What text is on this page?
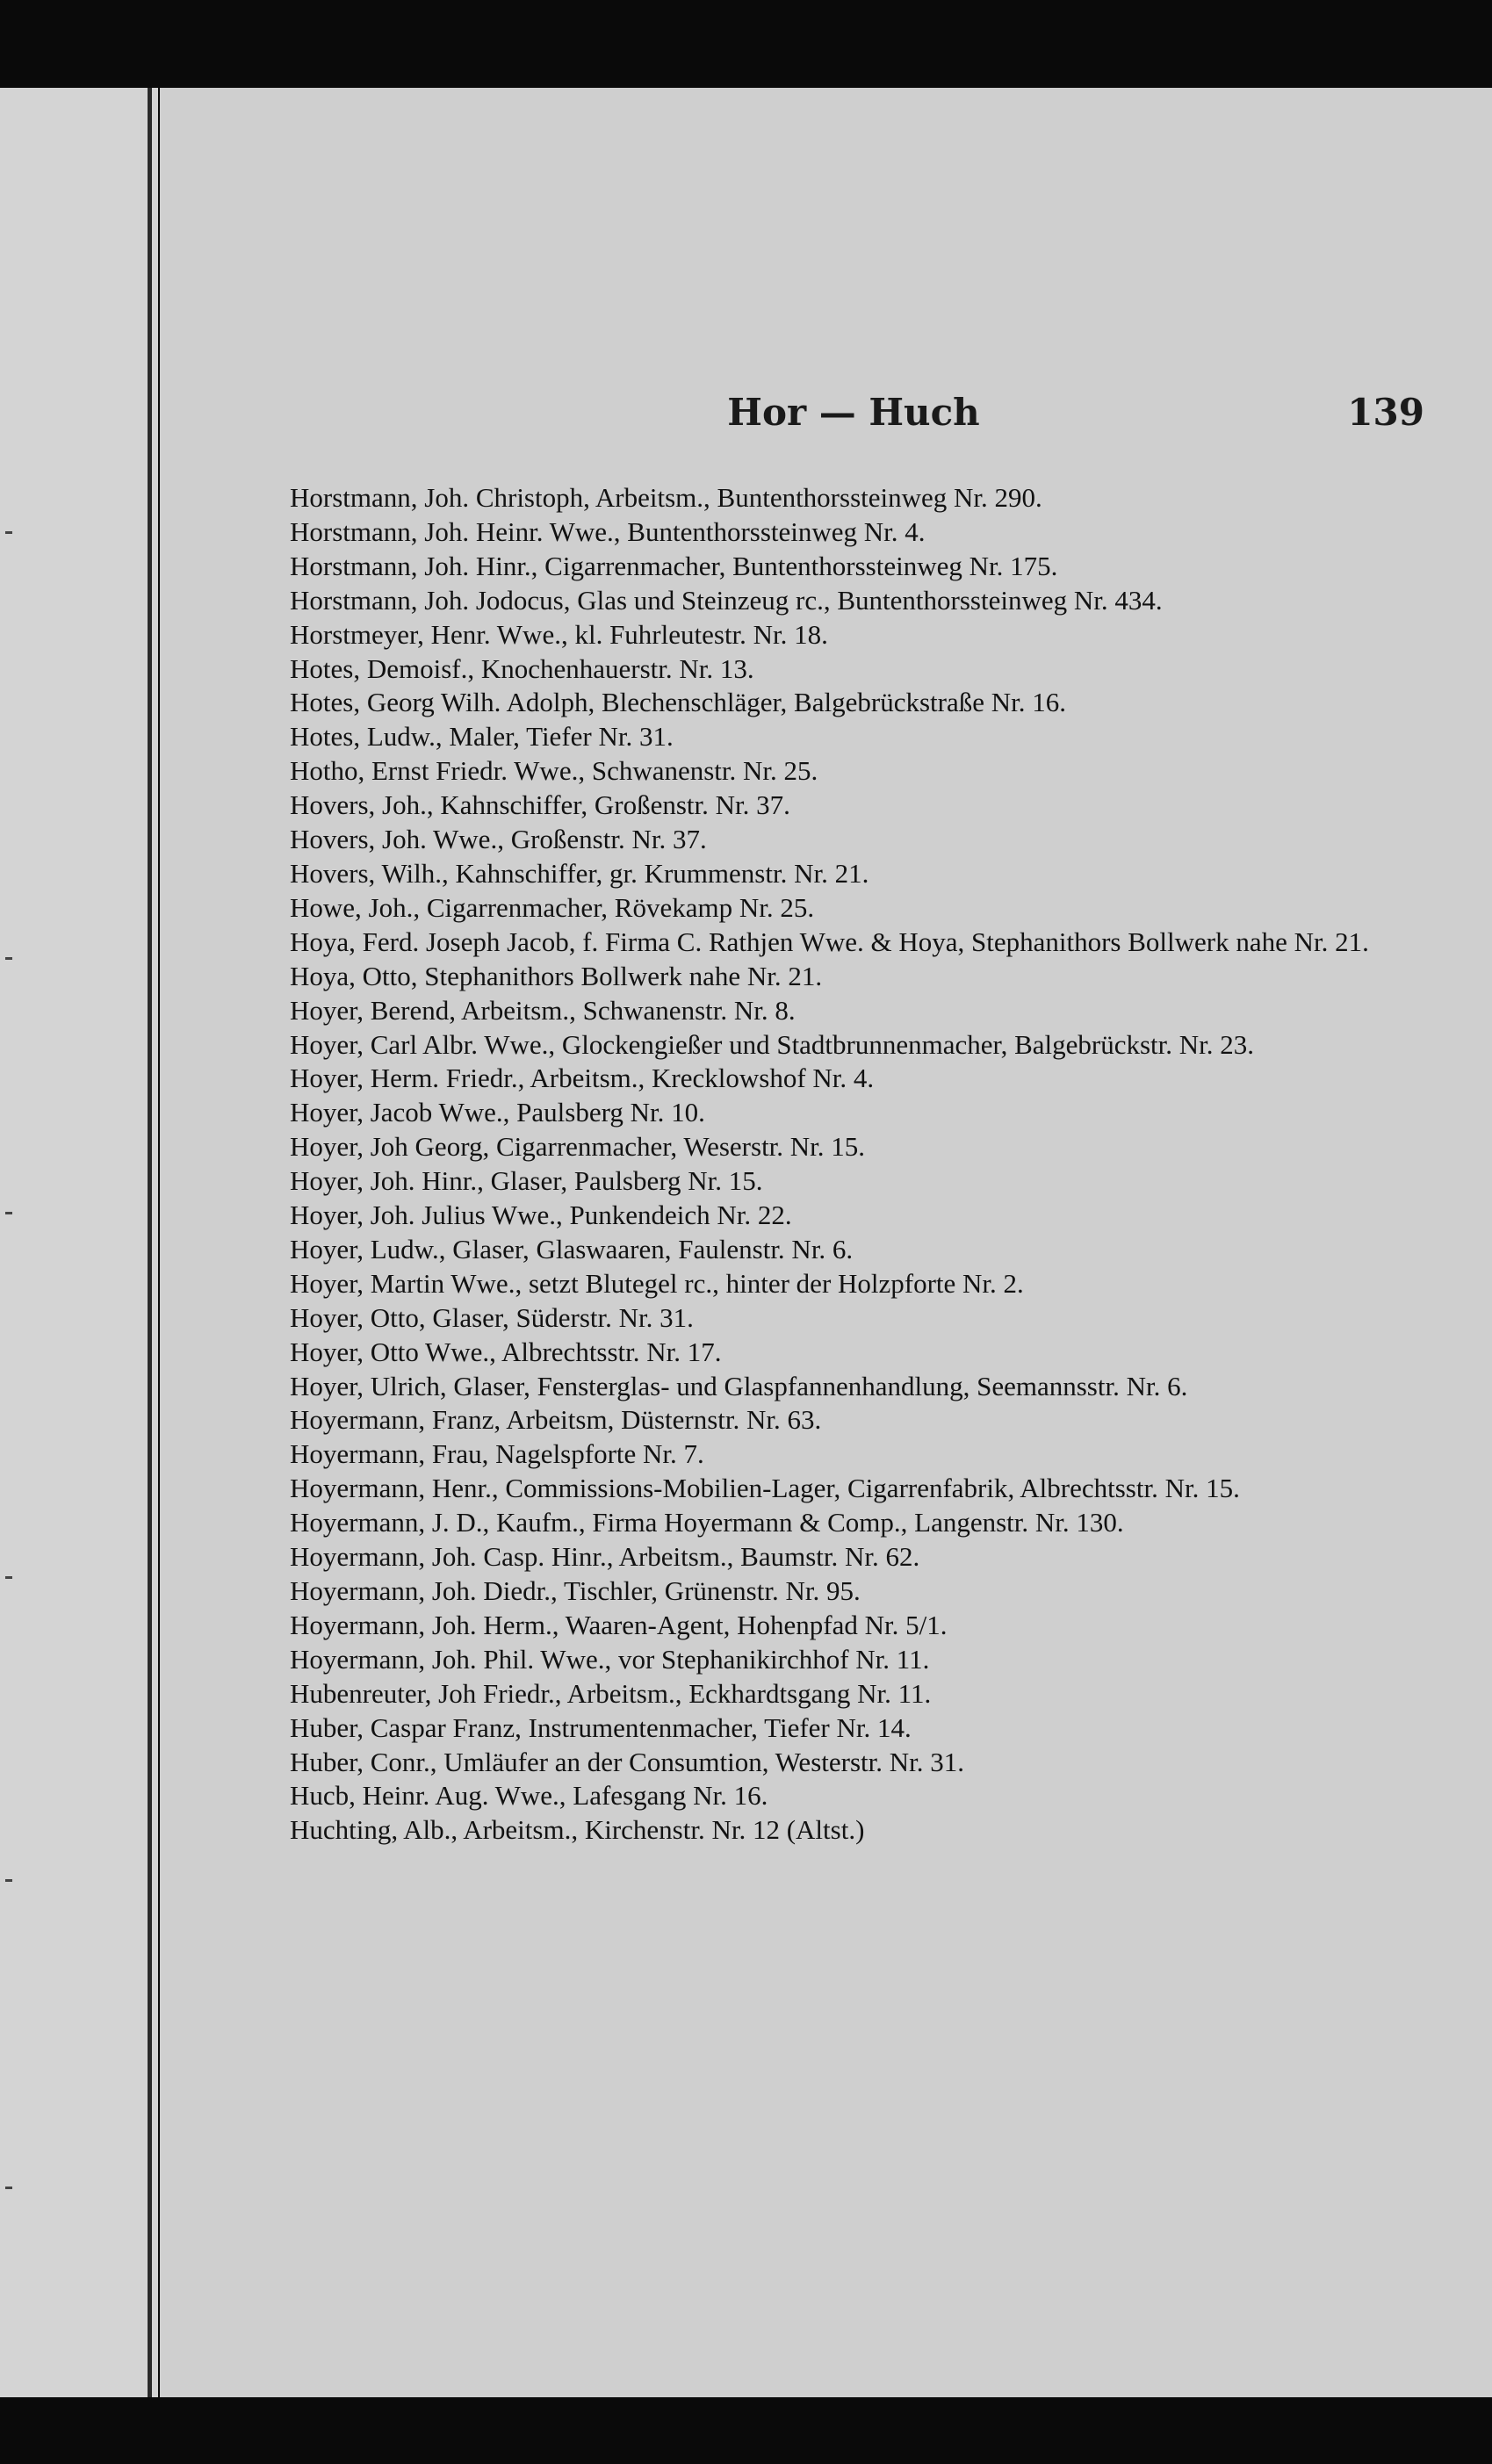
Hor — Huch	139
Horstmann, Joh. Christoph, Arbeitsm., Buntenthorssteinweg Nr. 290.
Horstmann, Joh. Heinr. Wwe., Buntenthorssteinweg Nr. 4.
Horstmann, Joh. Hinr., Cigarrenmacher, Buntenthorssteinweg Nr. 175.
Horstmann, Joh. Jodocus, Glas und Steinzeug rc., Buntenthorssteinweg Nr. 434.
Horstmeyer, Henr. Wwe., kl. Fuhrleutestr. Nr. 18.
Hotes, Demoisf., Knochenhauerstr. Nr. 13.
Hotes, Georg Wilh. Adolph, Blechenschläger, Balgebrückstraße Nr. 16.
Hotes, Ludw., Maler, Tiefer Nr. 31.
Hotho, Ernst Friedr. Wwe., Schwanenstr. Nr. 25.
Hovers, Joh., Kahnschiffer, Großenstr. Nr. 37.
Hovers, Joh. Wwe., Großenstr. Nr. 37.
Hovers, Wilh., Kahnschiffer, gr. Krummenstr. Nr. 21.
Howe, Joh., Cigarrenmacher, Rövekamp Nr. 25.
Hoya, Ferd. Joseph Jacob, f. Firma C. Rathjen Wwe. & Hoya, Stephanithors Bollwerk nahe Nr. 21.
Hoya, Otto, Stephanithors Bollwerk nahe Nr. 21.
Hoyer, Berend, Arbeitsm., Schwanenstr. Nr. 8.
Hoyer, Carl Albr. Wwe., Glockengießer und Stadtbrunnenmacher, Balgebrückstr. Nr. 23.
Hoyer, Herm. Friedr., Arbeitsm., Krecklowshof Nr. 4.
Hoyer, Jacob Wwe., Paulsberg Nr. 10.
Hoyer, Joh Georg, Cigarrenmacher, Weserstr. Nr. 15.
Hoyer, Joh. Hinr., Glaser, Paulsberg Nr. 15.
Hoyer, Joh. Julius Wwe., Punkendeich Nr. 22.
Hoyer, Ludw., Glaser, Glaswaaren, Faulenstr. Nr. 6.
Hoyer, Martin Wwe., setzt Blutegel rc., hinter der Holzpforte Nr. 2.
Hoyer, Otto, Glaser, Süderstr. Nr. 31.
Hoyer, Otto Wwe., Albrechtsstr. Nr. 17.
Hoyer, Ulrich, Glaser, Fensterglas- und Glaspfannenhandlung, Seemannsstr. Nr. 6.
Hoyermann, Franz, Arbeitsm, Düsternstr. Nr. 63.
Hoyermann, Frau, Nagelspforte Nr. 7.
Hoyermann, Henr., Commissions-Mobilien-Lager, Cigarrenfabrik, Albrechtsstr. Nr. 15.
Hoyermann, J. D., Kaufm., Firma Hoyermann & Comp., Langenstr. Nr. 130.
Hoyermann, Joh. Casp. Hinr., Arbeitsm., Baumstr. Nr. 62.
Hoyermann, Joh. Diedr., Tischler, Grünenstr. Nr. 95.
Hoyermann, Joh. Herm., Waaren-Agent, Hohenpfad Nr. 5/1.
Hoyermann, Joh. Phil. Wwe., vor Stephanikirchhof Nr. 11.
Hubenreuter, Joh Friedr., Arbeitsm., Eckhardtsgang Nr. 11.
Huber, Caspar Franz, Instrumentenmacher, Tiefer Nr. 14.
Huber, Conr., Umläufer an der Consumtion, Westerstr. Nr. 31.
Hucb, Heinr. Aug. Wwe., Lafesgang Nr. 16.
Huchting, Alb., Arbeitsm., Kirchenstr. Nr. 12 (Altst.)
